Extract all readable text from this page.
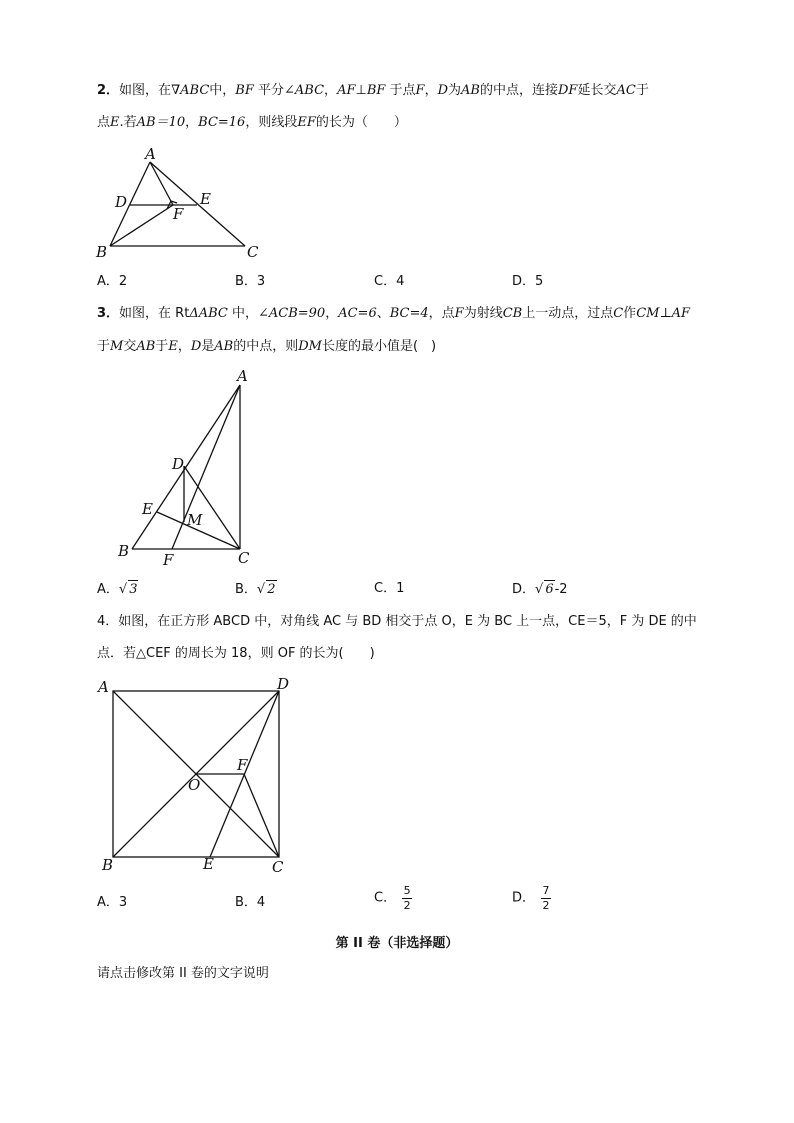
2．如图，在∇ABC中，BF 平分∠ABC，AF⊥BF 于点F，D为AB的中点，连接DF延长交AC于
点E.若AB＝10，BC=16，则线段EF的长为（　　）
A
B	C
D	E
F
A．2	B．3	C．4	D．5
3．如图，在 RtΔABC 中，∠ACB=90，AC=6、BC=4，点F为射线CB上一动点，过点C作CM⊥AF
于M交AB于E，D是AB的中点，则DM长度的最小值是(　)
A
B	C
D
E
F
M
A．√ 3	B．√ 2	C．1	D．√ 6-2
4．如图，在正方形 ABCD 中，对角线 AC 与 BD 相交于点 O，E 为 BC 上一点，CE＝5，F 为 DE 的中
点．若△CEF 的周长为 18，则 OF 的长为(　　)
A
B	C
D
E
F
O
A．3	B．4	C． $\frac{5}{2}$	D． $\frac{7}{2}$
第 II 卷（非选择题）
请点击修改第 II 卷的文字说明
